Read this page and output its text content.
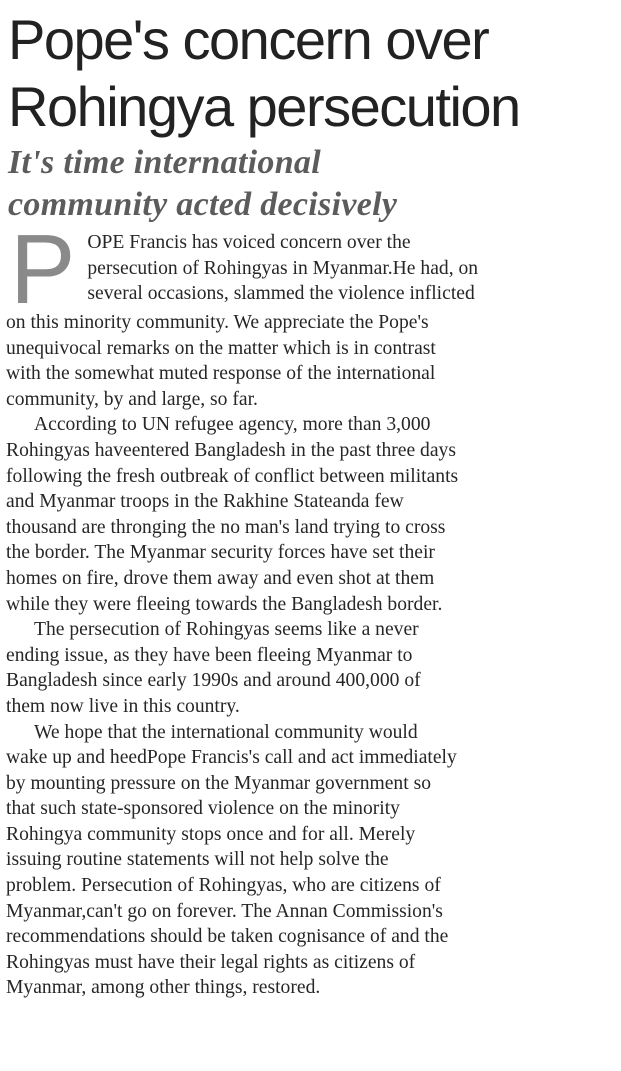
Pope's concern over
Rohingya persecution
It's time international
community acted decisively

P OPE Francis has voiced concern over the
persecution of Rohingyas in Myanmar.He had, on
several occasions, slammed the violence inflicted
on this minority community. We appreciate the Pope's
unequivocal remarks on the matter which is in contrast
with the somewhat muted response of the international
community, by and large, so far.

According to UN refugee agency, more than 3,000
Rohingyas haveentered Bangladesh in the past three days
following the fresh outbreak of conflict between militants
and Myanmar troops in the Rakhine Stateanda few
thousand are thronging the no man's land trying to cross
the border. The Myanmar security forces have set their
homes on fire, drove them away and even shot at them
while they were fleeing towards the Bangladesh border.

The persecution of Rohingyas seems like a never
ending issue, as they have been fleeing Myanmar to
Bangladesh since early 1990s and around 400,000 of
them now live in this country.

We hope that the international community would
wake up and heedPope Francis's call and act immediately
by mounting pressure on the Myanmar government so
that such state-sponsored violence on the minority
Rohingya community stops once and for all. Merely
issuing routine statements will not help solve the
problem. Persecution of Rohingyas, who are citizens of
Myanmar,can't go on forever. The Annan Commission's
recommendations should be taken cognisance of and the
Rohingyas must have their legal rights as citizens of
Myanmar, among other things, restored.
